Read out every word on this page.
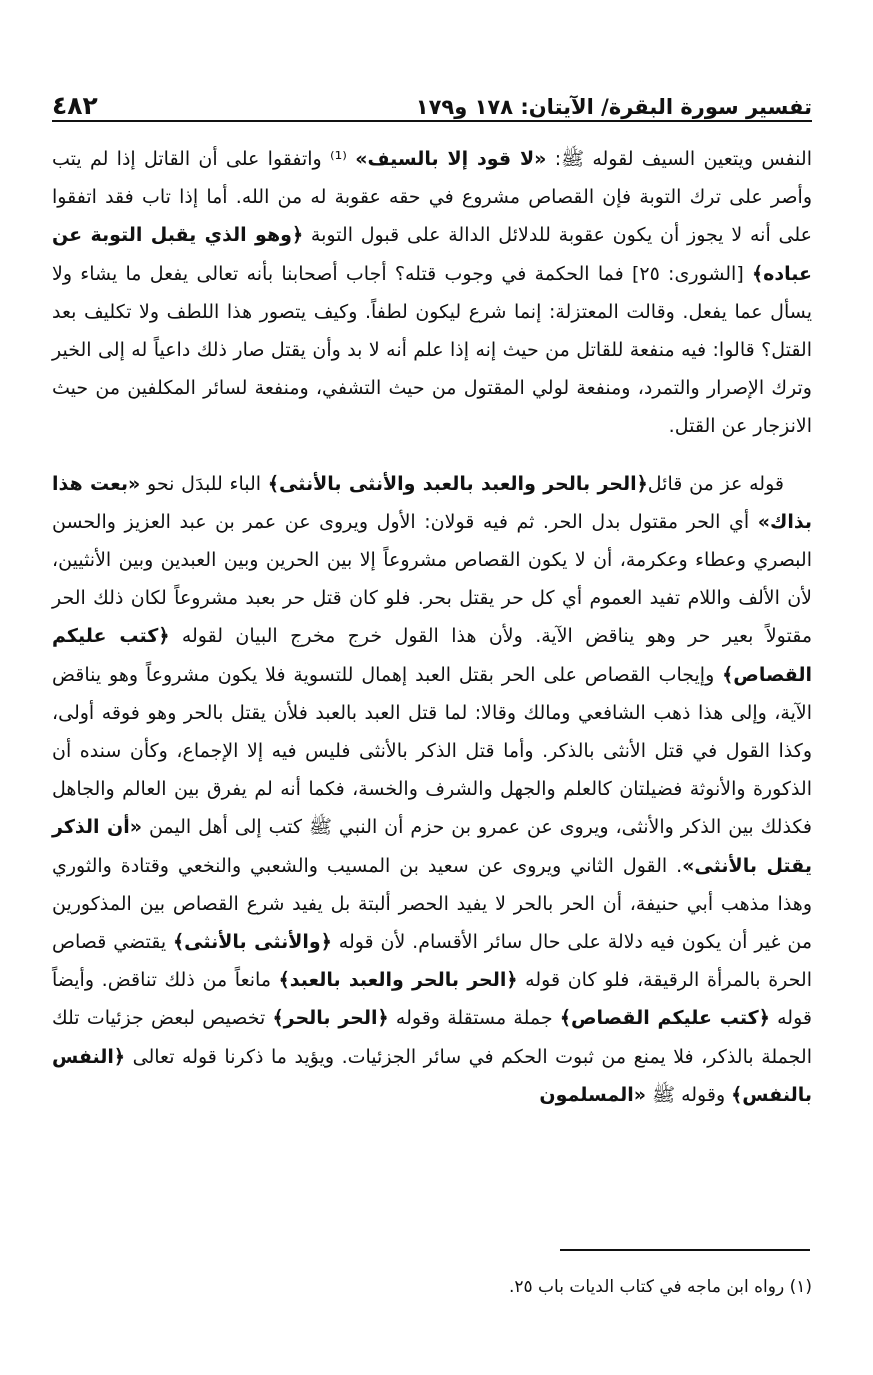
٤٨٢	تفسير سورة البقرة/ الآيتان: ١٧٨ و١٧٩

النفس ويتعين السيف لقوله ﷺ: «لا قود إلا بالسيف» ⁽¹⁾ واتفقوا على أن القاتل إذا لم يتب وأصر على ترك التوبة فإن القصاص مشروع في حقه عقوبة له من الله. أما إذا تاب فقد اتفقوا على أنه لا يجوز أن يكون عقوبة للدلائل الدالة على قبول التوبة ﴿وهو الذي يقبل التوبة عن عباده﴾ [الشورى: ٢٥] فما الحكمة في وجوب قتله؟ أجاب أصحابنا بأنه تعالى يفعل ما يشاء ولا يسأل عما يفعل. وقالت المعتزلة: إنما شرع ليكون لطفاً. وكيف يتصور هذا اللطف ولا تكليف بعد القتل؟ قالوا: فيه منفعة للقاتل من حيث إنه إذا علم أنه لا بد وأن يقتل صار ذلك داعياً له إلى الخير وترك الإصرار والتمرد، ومنفعة لولي المقتول من حيث التشفي، ومنفعة لسائر المكلفين من حيث الانزجار عن القتل.

قوله عز من قائل﴿الحر بالحر والعبد بالعبد والأنثى بالأنثى﴾ الباء للبدَل نحو «بعت هذا بذاك» أي الحر مقتول بدل الحر. ثم فيه قولان: الأول ويروى عن عمر بن عبد العزيز والحسن البصري وعطاء وعكرمة، أن لا يكون القصاص مشروعاً إلا بين الحرين وبين العبدين وبين الأنثيين، لأن الألف واللام تفيد العموم أي كل حر يقتل بحر. فلو كان قتل حر بعبد مشروعاً لكان ذلك الحر مقتولاً بعير حر وهو يناقض الآية. ولأن هذا القول خرج مخرج البيان لقوله ﴿كتب عليكم القصاص﴾ وإيجاب القصاص على الحر بقتل العبد إهمال للتسوية فلا يكون مشروعاً وهو يناقض الآية، وإلى هذا ذهب الشافعي ومالك وقالا: لما قتل العبد بالعبد فلأن يقتل بالحر وهو فوقه أولى، وكذا القول في قتل الأنثى بالذكر. وأما قتل الذكر بالأنثى فليس فيه إلا الإجماع، وكأن سنده أن الذكورة والأنوثة فضيلتان كالعلم والجهل والشرف والخسة، فكما أنه لم يفرق بين العالم والجاهل فكذلك بين الذكر والأنثى، ويروى عن عمرو بن حزم أن النبي ﷺ كتب إلى أهل اليمن «أن الذكر يقتل بالأنثى». القول الثاني ويروى عن سعيد بن المسيب والشعبي والنخعي وقتادة والثوري وهذا مذهب أبي حنيفة، أن الحر بالحر لا يفيد الحصر ألبتة بل يفيد شرع القصاص بين المذكورين من غير أن يكون فيه دلالة على حال سائر الأقسام. لأن قوله ﴿والأنثى بالأنثى﴾ يقتضي قصاص الحرة بالمرأة الرقيقة، فلو كان قوله ﴿الحر بالحر والعبد بالعبد﴾ مانعاً من ذلك تناقض. وأيضاً قوله ﴿كتب عليكم القصاص﴾ جملة مستقلة وقوله ﴿الحر بالحر﴾ تخصيص لبعض جزئيات تلك الجملة بالذكر، فلا يمنع من ثبوت الحكم في سائر الجزئيات. ويؤيد ما ذكرنا قوله تعالى ﴿النفس بالنفس﴾ وقوله ﷺ «المسلمون

(١) رواه ابن ماجه في كتاب الديات باب ٢٥.
